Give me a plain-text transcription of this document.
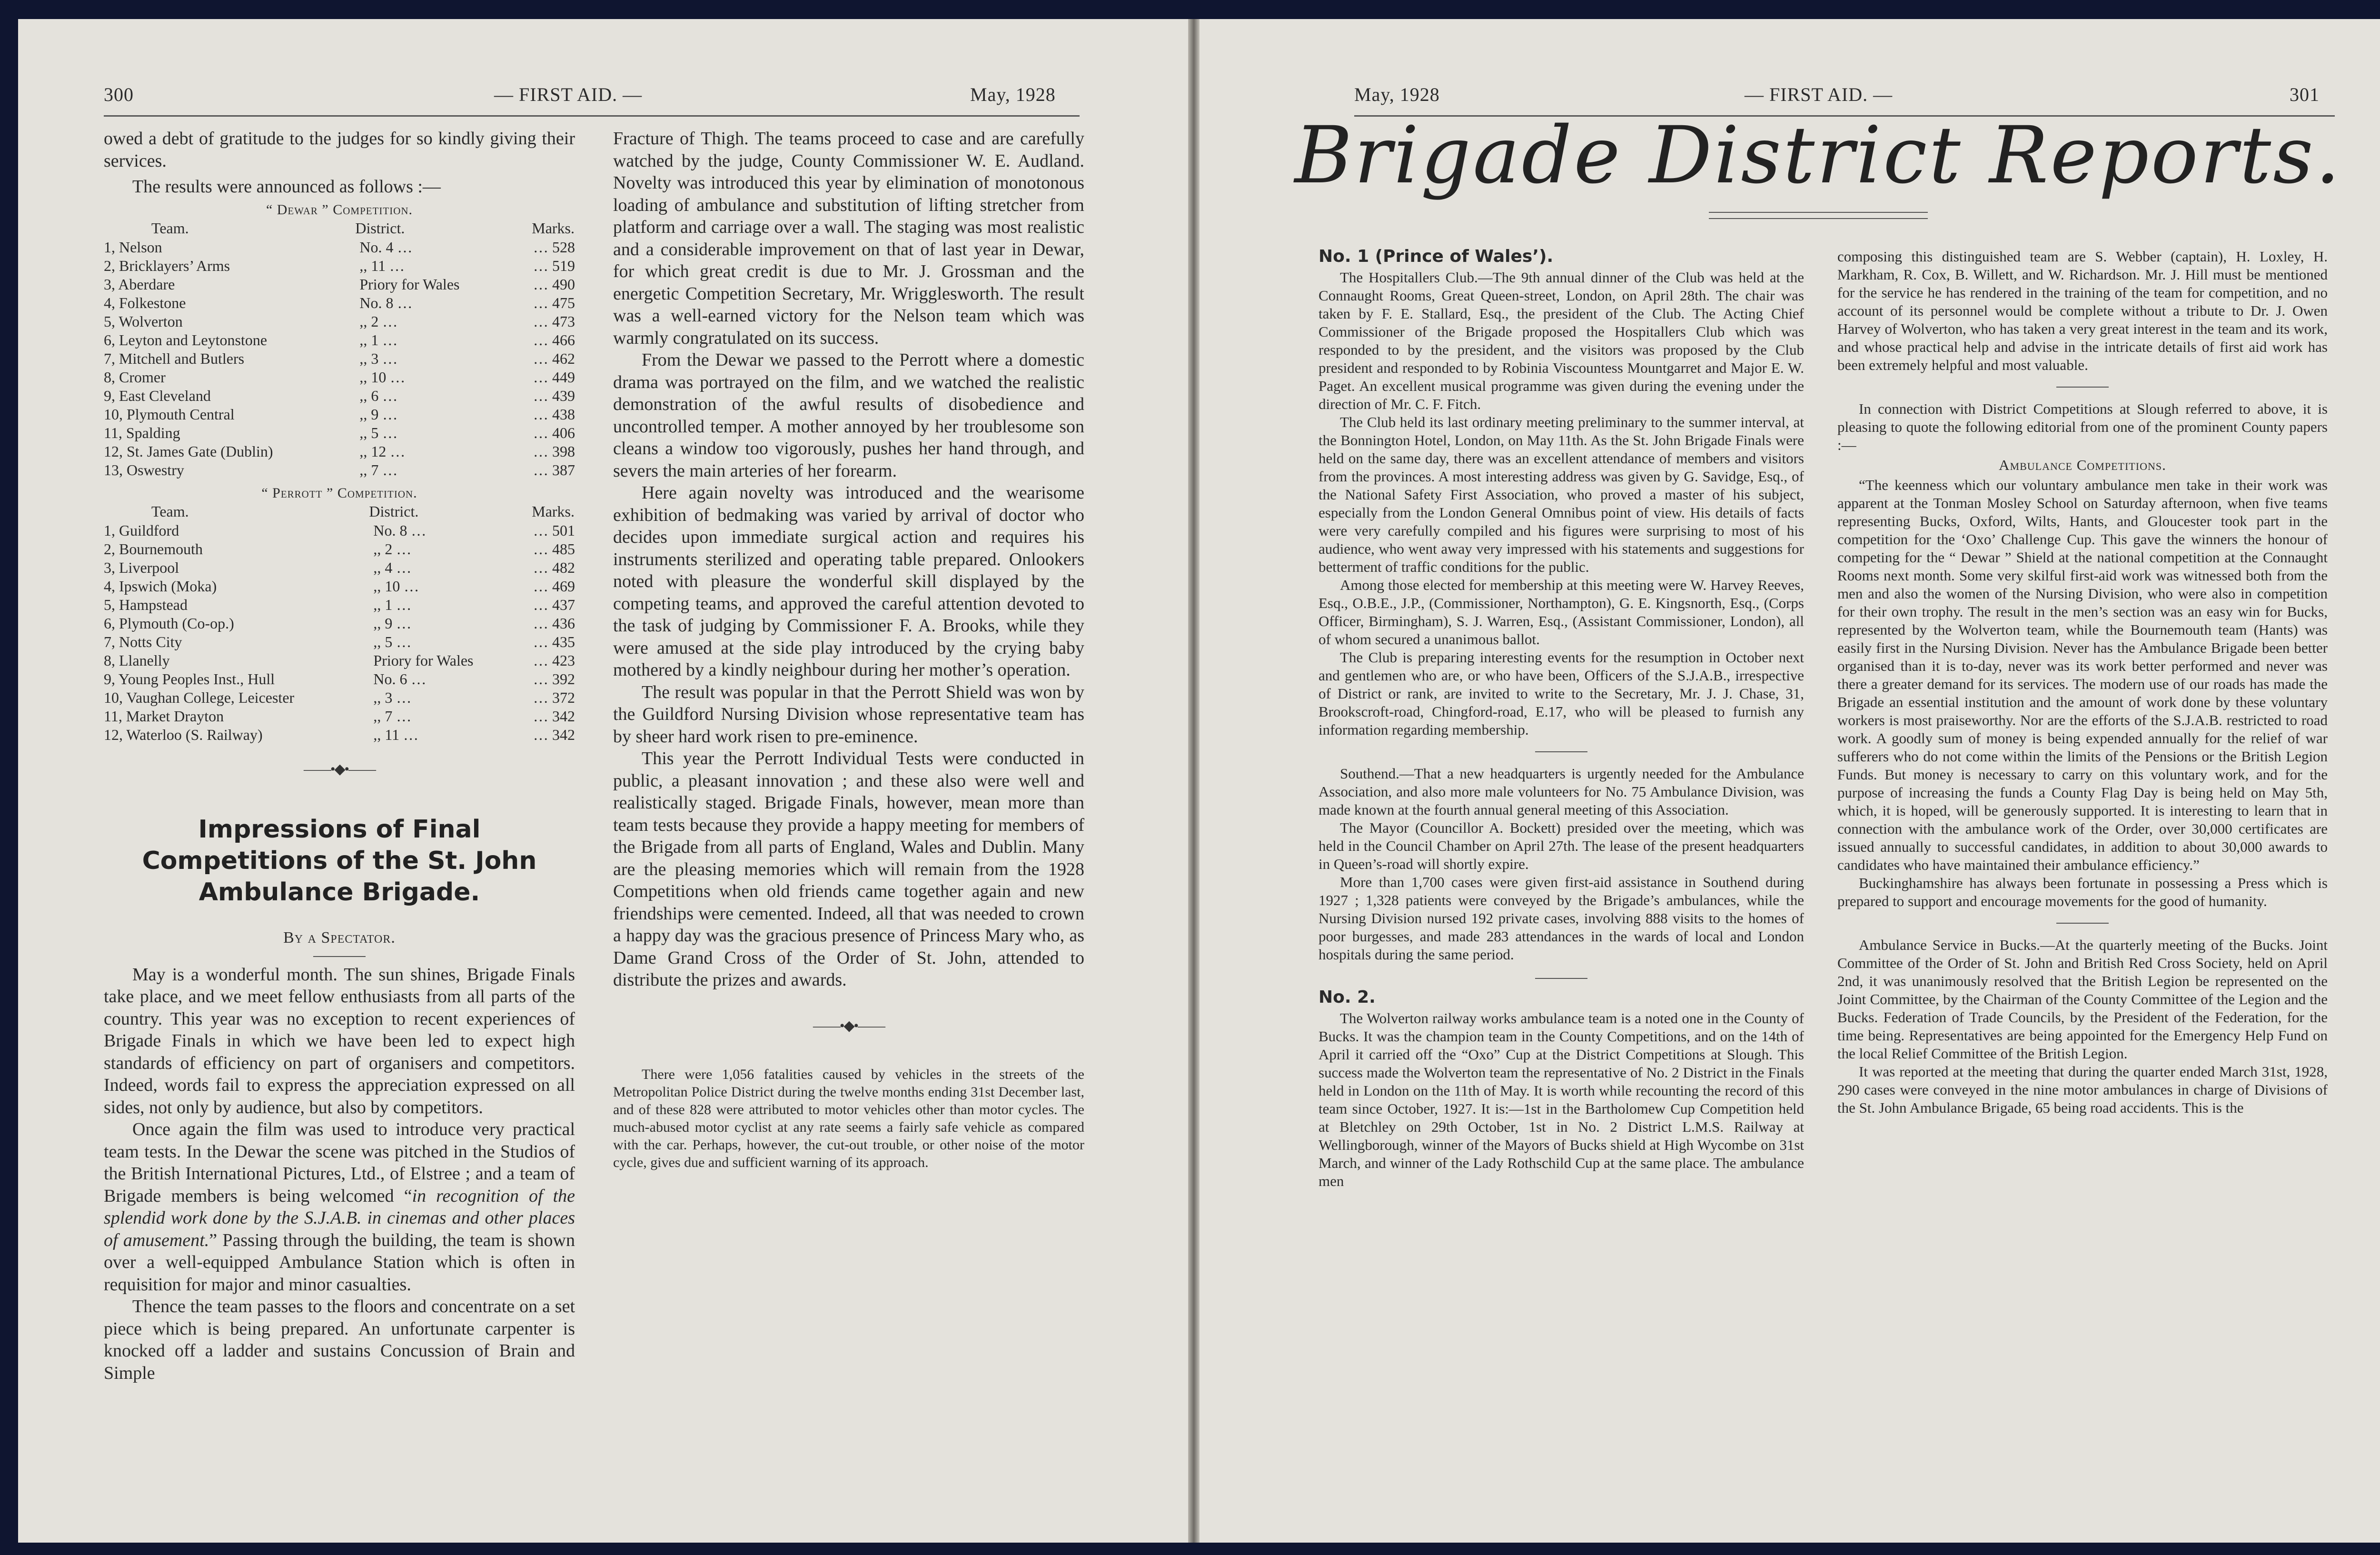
300	— FIRST AID. —	May, 1928

owed a debt of gratitude to the judges for so kindly giving their services.

The results were announced as follows :—

“ Dewar ” Competition.
Team.	District.	Marks.
1, Nelson	No. 4 …	… 528
2, Bricklayers’ Arms	,, 11 …	… 519
3, Aberdare	Priory for Wales	… 490
4, Folkestone	No. 8 …	… 475
5, Wolverton	,, 2 …	… 473
6, Leyton and Leytonstone	,, 1 …	… 466
7, Mitchell and Butlers	,, 3 …	… 462
8, Cromer	,, 10 …	… 449
9, East Cleveland	,, 6 …	… 439
10, Plymouth Central	,, 9 …	… 438
11, Spalding	,, 5 …	… 406
12, St. James Gate (Dublin)	,, 12 …	… 398
13, Oswestry	,, 7 …	… 387
“ Perrott ” Competition.
Team.	District.	Marks.
1, Guildford	No. 8 …	… 501
2, Bournemouth	,, 2 …	… 485
3, Liverpool	,, 4 …	… 482
4, Ipswich (Moka)	,, 10 …	… 469
5, Hampstead	,, 1 …	… 437
6, Plymouth (Co-op.)	,, 9 …	… 436
7, Notts City	,, 5 …	… 435
8, Llanelly	Priory for Wales	… 423
9, Young Peoples Inst., Hull	No. 6 …	… 392
10, Vaughan College, Leicester	,, 3 …	… 372
11, Market Drayton	,, 7 …	… 342
12, Waterloo (S. Railway)	,, 11 …	… 342
——•◆•——
Impressions of Final Competitions of the St. John Ambulance Brigade.
By a Spectator.

May is a wonderful month. The sun shines, Brigade Finals take place, and we meet fellow enthusiasts from all parts of the country. This year was no exception to recent experiences of Brigade Finals in which we have been led to expect high standards of efficiency on part of organisers and competitors. Indeed, words fail to express the appreciation expressed on all sides, not only by audience, but also by competitors.

Once again the film was used to introduce very practical team tests. In the Dewar the scene was pitched in the Studios of the British International Pictures, Ltd., of Elstree ; and a team of Brigade members is being welcomed “in recognition of the splendid work done by the S.J.A.B. in cinemas and other places of amusement.” Passing through the building, the team is shown over a well-equipped Ambulance Station which is often in requisition for major and minor casualties.

Thence the team passes to the floors and concentrate on a set piece which is being prepared. An unfortunate carpenter is knocked off a ladder and sustains Concussion of Brain and Simple

Fracture of Thigh. The teams proceed to case and are carefully watched by the judge, County Commissioner W. E. Audland. Novelty was introduced this year by elimination of monotonous loading of ambulance and substitution of lifting stretcher from platform and carriage over a wall. The staging was most realistic and a considerable improvement on that of last year in Dewar, for which great credit is due to Mr. J. Grossman and the energetic Competition Secretary, Mr. Wrigglesworth. The result was a well-earned victory for the Nelson team which was warmly congratulated on its success.

From the Dewar we passed to the Perrott where a domestic drama was portrayed on the film, and we watched the realistic demonstration of the awful results of disobedience and uncontrolled temper. A mother annoyed by her troublesome son cleans a window too vigorously, pushes her hand through, and severs the main arteries of her forearm.

Here again novelty was introduced and the wearisome exhibition of bedmaking was varied by arrival of doctor who decides upon immediate surgical action and requires his instruments sterilized and operating table prepared. Onlookers noted with pleasure the wonderful skill displayed by the competing teams, and approved the careful attention devoted to the task of judging by Commissioner F. A. Brooks, while they were amused at the side play introduced by the crying baby mothered by a kindly neighbour during her mother’s operation.

The result was popular in that the Perrott Shield was won by the Guildford Nursing Division whose representative team has by sheer hard work risen to pre-eminence.

This year the Perrott Individual Tests were conducted in public, a pleasant innovation ; and these also were well and realistically staged. Brigade Finals, however, mean more than team tests because they provide a happy meeting for members of the Brigade from all parts of England, Wales and Dublin. Many are the pleasing memories which will remain from the 1928 Competitions when old friends came together again and new friendships were cemented. Indeed, all that was needed to crown a happy day was the gracious presence of Princess Mary who, as Dame Grand Cross of the Order of St. John, attended to distribute the prizes and awards.

——•◆•——

There were 1,056 fatalities caused by vehicles in the streets of the Metropolitan Police District during the twelve months ending 31st December last, and of these 828 were attributed to motor vehicles other than motor cycles. The much-abused motor cyclist at any rate seems a fairly safe vehicle as compared with the car. Perhaps, however, the cut-out trouble, or other noise of the motor cycle, gives due and sufficient warning of its approach.

May, 1928	— FIRST AID. —	301
Brigade District Reports.
No. 1 (Prince of Wales’).

The Hospitallers Club.—The 9th annual dinner of the Club was held at the Connaught Rooms, Great Queen-street, London, on April 28th. The chair was taken by F. E. Stallard, Esq., the president of the Club. The Acting Chief Commissioner of the Brigade proposed the Hospitallers Club which was responded to by the president, and the visitors was proposed by the Club president and responded to by Robinia Viscountess Mountgarret and Major E. W. Paget. An excellent musical programme was given during the evening under the direction of Mr. C. F. Fitch.

The Club held its last ordinary meeting preliminary to the summer interval, at the Bonnington Hotel, London, on May 11th. As the St. John Brigade Finals were held on the same day, there was an excellent attendance of members and visitors from the provinces. A most interesting address was given by G. Savidge, Esq., of the National Safety First Association, who proved a master of his subject, especially from the London General Omnibus point of view. His details of facts were very carefully compiled and his figures were surprising to most of his audience, who went away very impressed with his statements and suggestions for betterment of traffic conditions for the public.

Among those elected for membership at this meeting were W. Harvey Reeves, Esq., O.B.E., J.P., (Commissioner, Northampton), G. E. Kingsnorth, Esq., (Corps Officer, Birmingham), S. J. Warren, Esq., (Assistant Commissioner, London), all of whom secured a unanimous ballot.

The Club is preparing interesting events for the resumption in October next and gentlemen who are, or who have been, Officers of the S.J.A.B., irrespective of District or rank, are invited to write to the Secretary, Mr. J. J. Chase, 31, Brookscroft-road, Chingford-road, E.17, who will be pleased to furnish any information regarding membership.

Southend.—That a new headquarters is urgently needed for the Ambulance Association, and also more male volunteers for No. 75 Ambulance Division, was made known at the fourth annual general meeting of this Association.

The Mayor (Councillor A. Bockett) presided over the meeting, which was held in the Council Chamber on April 27th. The lease of the present headquarters in Queen’s-road will shortly expire.

More than 1,700 cases were given first-aid assistance in Southend during 1927 ; 1,328 patients were conveyed by the Brigade’s ambulances, while the Nursing Division nursed 192 private cases, involving 888 visits to the homes of poor burgesses, and made 283 attendances in the wards of local and London hospitals during the same period.

No. 2.

The Wolverton railway works ambulance team is a noted one in the County of Bucks. It was the champion team in the County Competitions, and on the 14th of April it carried off the “Oxo” Cup at the District Competitions at Slough. This success made the Wolverton team the representative of No. 2 District in the Finals held in London on the 11th of May. It is worth while recounting the record of this team since October, 1927. It is:—1st in the Bartholomew Cup Competition held at Bletchley on 29th October, 1st in No. 2 District L.M.S. Railway at Wellingborough, winner of the Mayors of Bucks shield at High Wycombe on 31st March, and winner of the Lady Rothschild Cup at the same place. The ambulance men

composing this distinguished team are S. Webber (captain), H. Loxley, H. Markham, R. Cox, B. Willett, and W. Richardson. Mr. J. Hill must be mentioned for the service he has rendered in the training of the team for competition, and no account of its personnel would be complete without a tribute to Dr. J. Owen Harvey of Wolverton, who has taken a very great interest in the team and its work, and whose practical help and advise in the intricate details of first aid work has been extremely helpful and most valuable.

In connection with District Competitions at Slough referred to above, it is pleasing to quote the following editorial from one of the prominent County papers :—

Ambulance Competitions.

“The keenness which our voluntary ambulance men take in their work was apparent at the Tonman Mosley School on Saturday afternoon, when five teams representing Bucks, Oxford, Wilts, Hants, and Gloucester took part in the competition for the ‘Oxo’ Challenge Cup. This gave the winners the honour of competing for the “ Dewar ” Shield at the national competition at the Connaught Rooms next month. Some very skilful first-aid work was witnessed both from the men and also the women of the Nursing Division, who were also in competition for their own trophy. The result in the men’s section was an easy win for Bucks, represented by the Wolverton team, while the Bournemouth team (Hants) was easily first in the Nursing Division. Never has the Ambulance Brigade been better organised than it is to-day, never was its work better performed and never was there a greater demand for its services. The modern use of our roads has made the Brigade an essential institution and the amount of work done by these voluntary workers is most praiseworthy. Nor are the efforts of the S.J.A.B. restricted to road work. A goodly sum of money is being expended annually for the relief of war sufferers who do not come within the limits of the Pensions or the British Legion Funds. But money is necessary to carry on this voluntary work, and for the purpose of increasing the funds a County Flag Day is being held on May 5th, which, it is hoped, will be generously supported. It is interesting to learn that in connection with the ambulance work of the Order, over 30,000 certificates are issued annually to successful candidates, in addition to about 30,000 awards to candidates who have maintained their ambulance efficiency.”

Buckinghamshire has always been fortunate in possessing a Press which is prepared to support and encourage movements for the good of humanity.

Ambulance Service in Bucks.—At the quarterly meeting of the Bucks. Joint Committee of the Order of St. John and British Red Cross Society, held on April 2nd, it was unanimously resolved that the British Legion be represented on the Joint Committee, by the Chairman of the County Committee of the Legion and the Bucks. Federation of Trade Councils, by the President of the Federation, for the time being. Representatives are being appointed for the Emergency Help Fund on the local Relief Committee of the British Legion.

It was reported at the meeting that during the quarter ended March 31st, 1928, 290 cases were conveyed in the nine motor ambulances in charge of Divisions of the St. John Ambulance Brigade, 65 being road accidents. This is the
